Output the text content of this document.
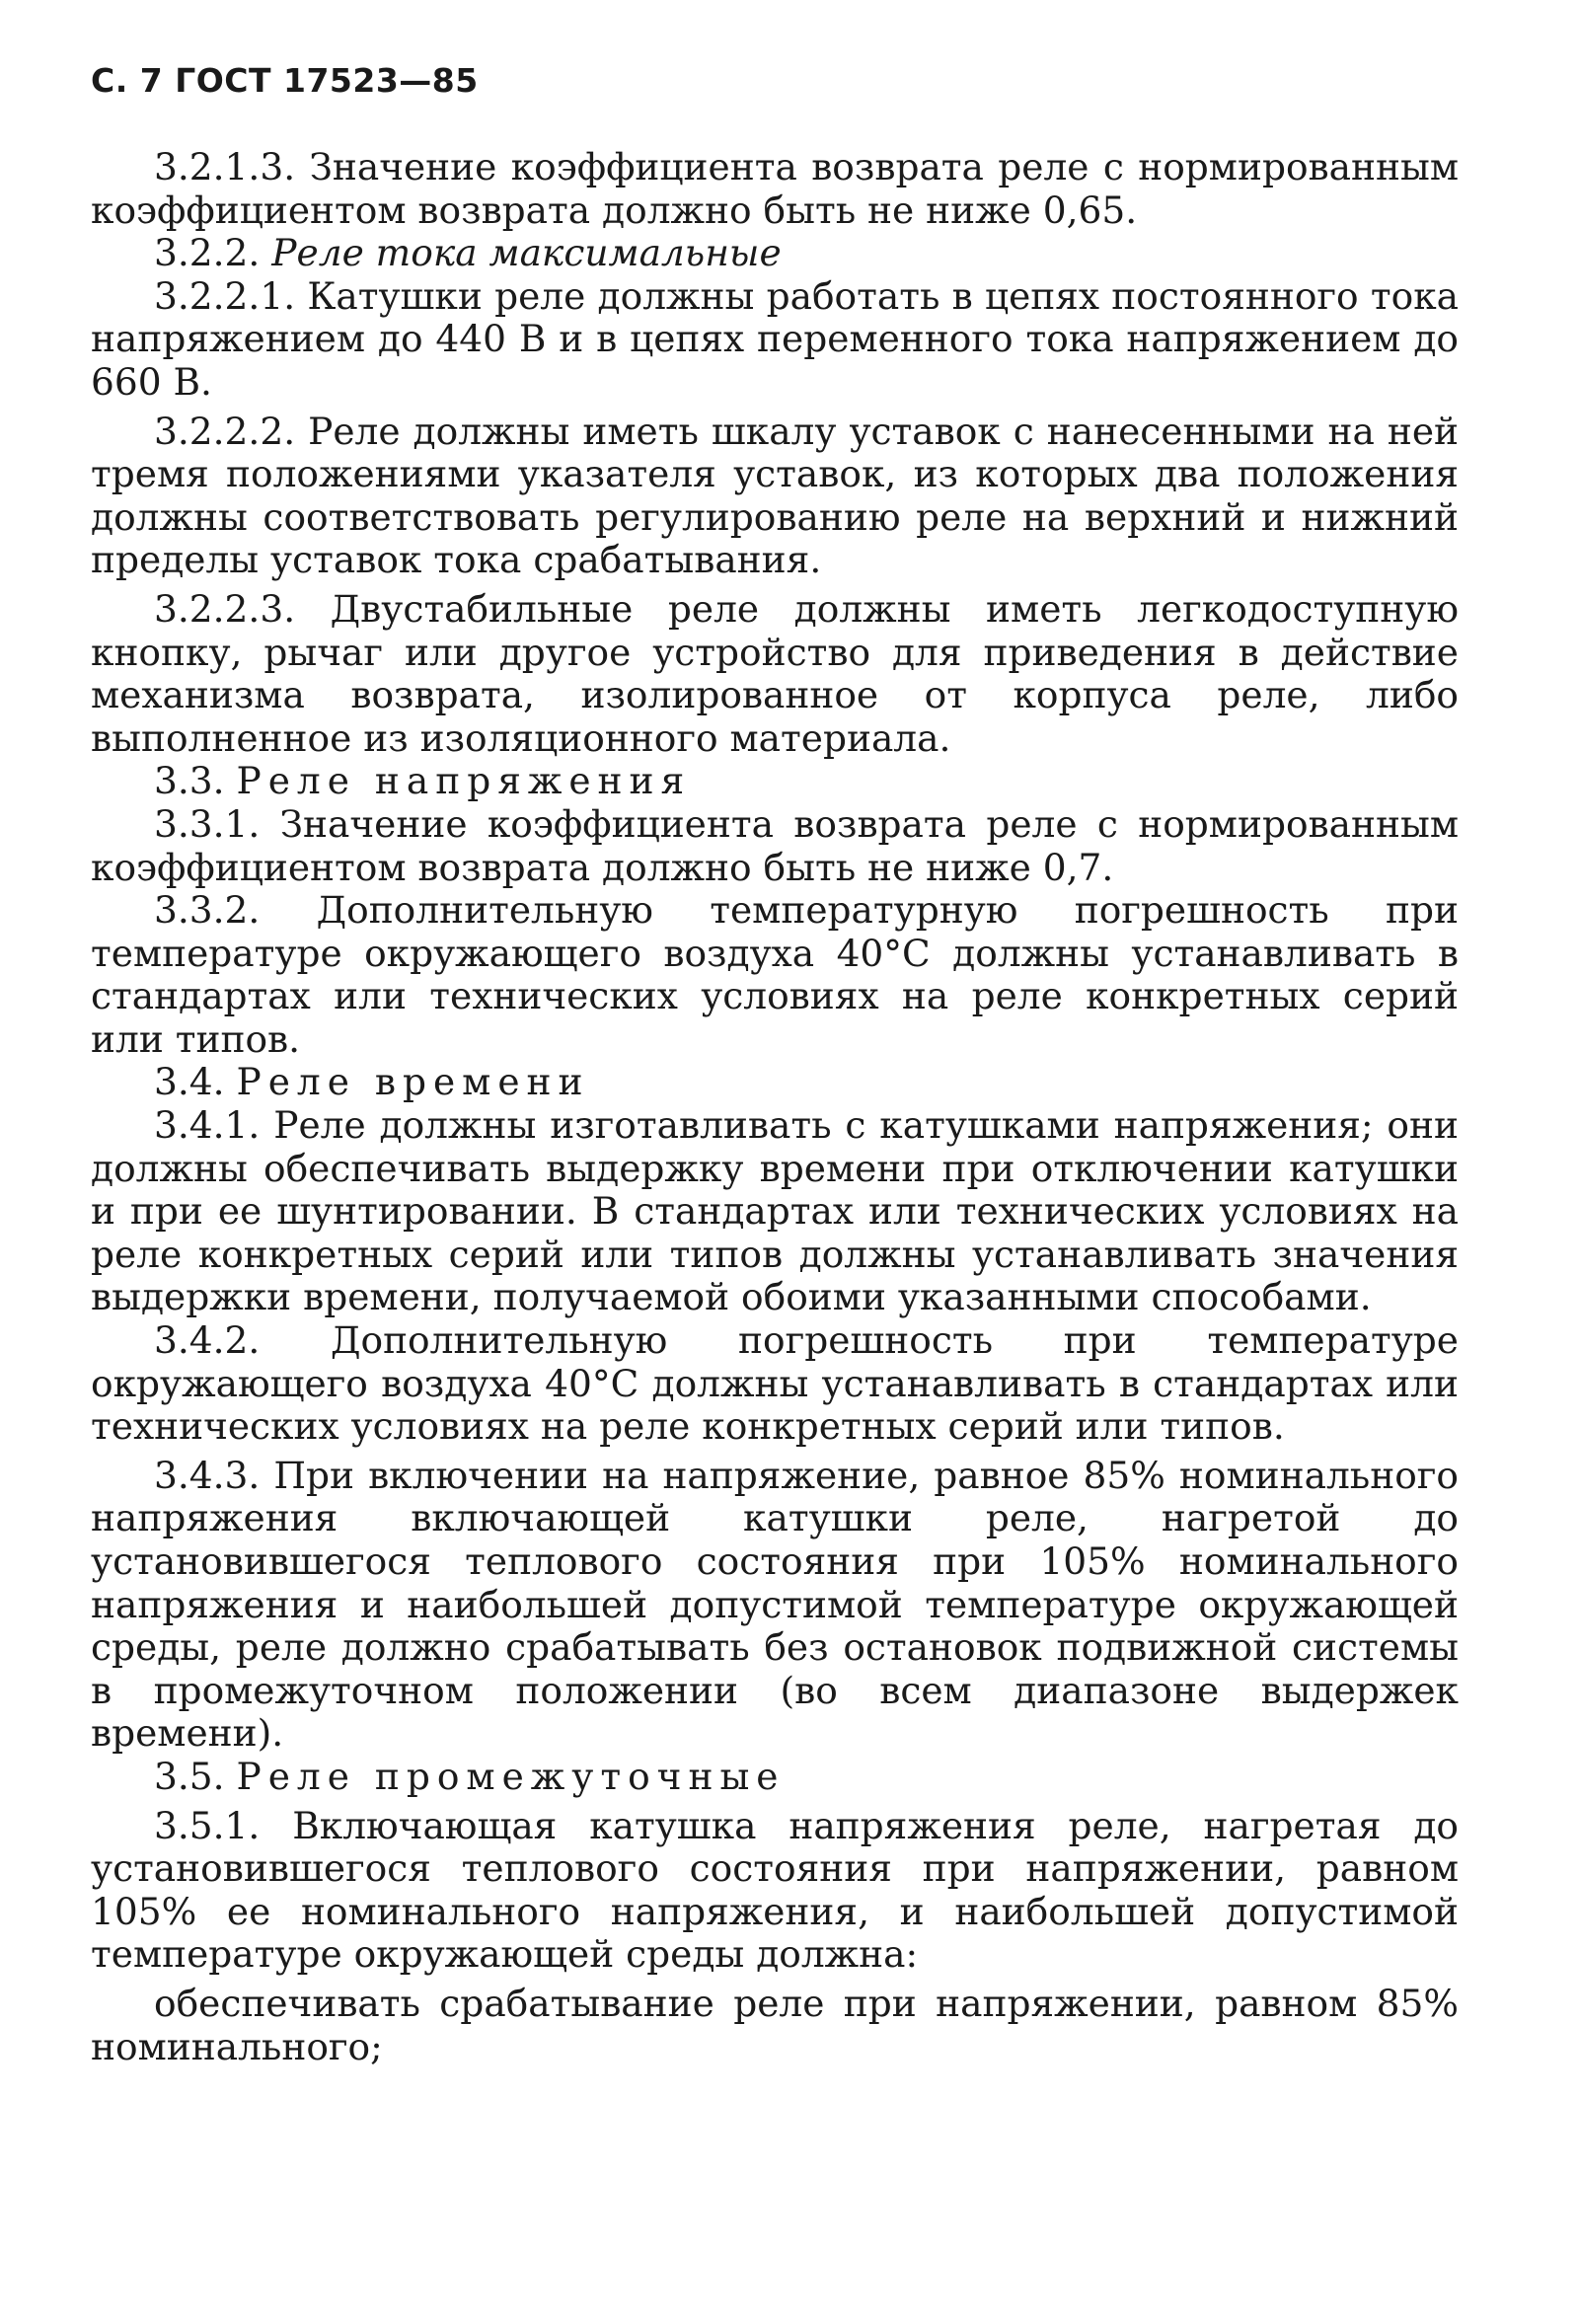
С. 7 ГОСТ 17523—85

3.2.1.3. Значение коэффициента возврата реле с нормированным коэффициентом возврата должно быть не ниже 0,65.

3.2.2. Реле тока максимальные

3.2.2.1. Катушки реле должны работать в цепях постоянного тока напряжением до 440 В и в цепях переменного тока напряжением до 660 В.

3.2.2.2. Реле должны иметь шкалу уставок с нанесенными на ней тремя положениями указателя уставок, из которых два положения должны соответствовать регулированию реле на верхний и нижний пределы уставок тока срабатывания.

3.2.2.3. Двустабильные реле должны иметь легкодоступную кнопку, рычаг или другое устройство для приведения в действие механизма возврата, изолированное от корпуса реле, либо выполненное из изоляционного материала.

3.3. Реле напряжения

3.3.1. Значение коэффициента возврата реле с нормированным коэффициентом возврата должно быть не ниже 0,7.

3.3.2. Дополнительную температурную погрешность при температуре окружающего воздуха 40°С должны устанавливать в стандартах или технических условиях на реле конкретных серий или типов.

3.4. Реле времени

3.4.1. Реле должны изготавливать с катушками напряжения; они должны обеспечивать выдержку времени при отключении катушки и при ее шунтировании. В стандартах или технических условиях на реле конкретных серий или типов должны устанавливать значения выдержки времени, получаемой обоими указанными способами.

3.4.2. Дополнительную погрешность при температуре окружающего воздуха 40°С должны устанавливать в стандартах или технических условиях на реле конкретных серий или типов.

3.4.3. При включении на напряжение, равное 85% номинального напряжения включающей катушки реле, нагретой до установившегося теплового состояния при 105% номинального напряжения и наибольшей допустимой температуре окружающей среды, реле должно срабатывать без остановок подвижной системы в промежуточном положении (во всем диапазоне выдержек времени).

3.5. Реле промежуточные

3.5.1. Включающая катушка напряжения реле, нагретая до установившегося теплового состояния при напряжении, равном 105% ее номинального напряжения, и наибольшей допустимой температуре окружающей среды должна:

обеспечивать срабатывание реле при напряжении, равном 85% номинального;
